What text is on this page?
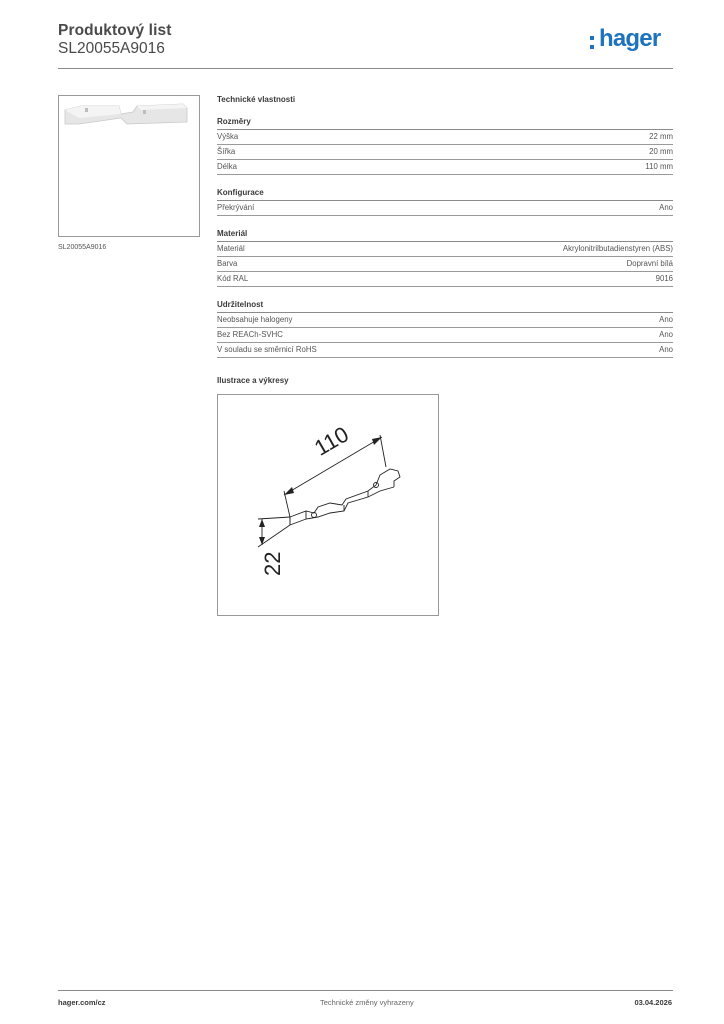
Produktový list
SL20055A9016	hager
SL20055A9016
Technické vlastnosti
Rozměry
Výška	22 mm
Šířka	20 mm
Délka	110 mm
Konfigurace
Překrývání	Ano
Materiál
Materiál	Akrylonitrilbutadienstyren (ABS)
Barva	Dopravní bílá
Kód RAL	9016
Udržitelnost
Neobsahuje halogeny	Ano
Bez REACh-SVHC	Ano
V souladu se směrnicí RoHS	Ano
Ilustrace a výkresy
110
22
hager.com/cz	Technické změny vyhrazeny	03.04.2026
